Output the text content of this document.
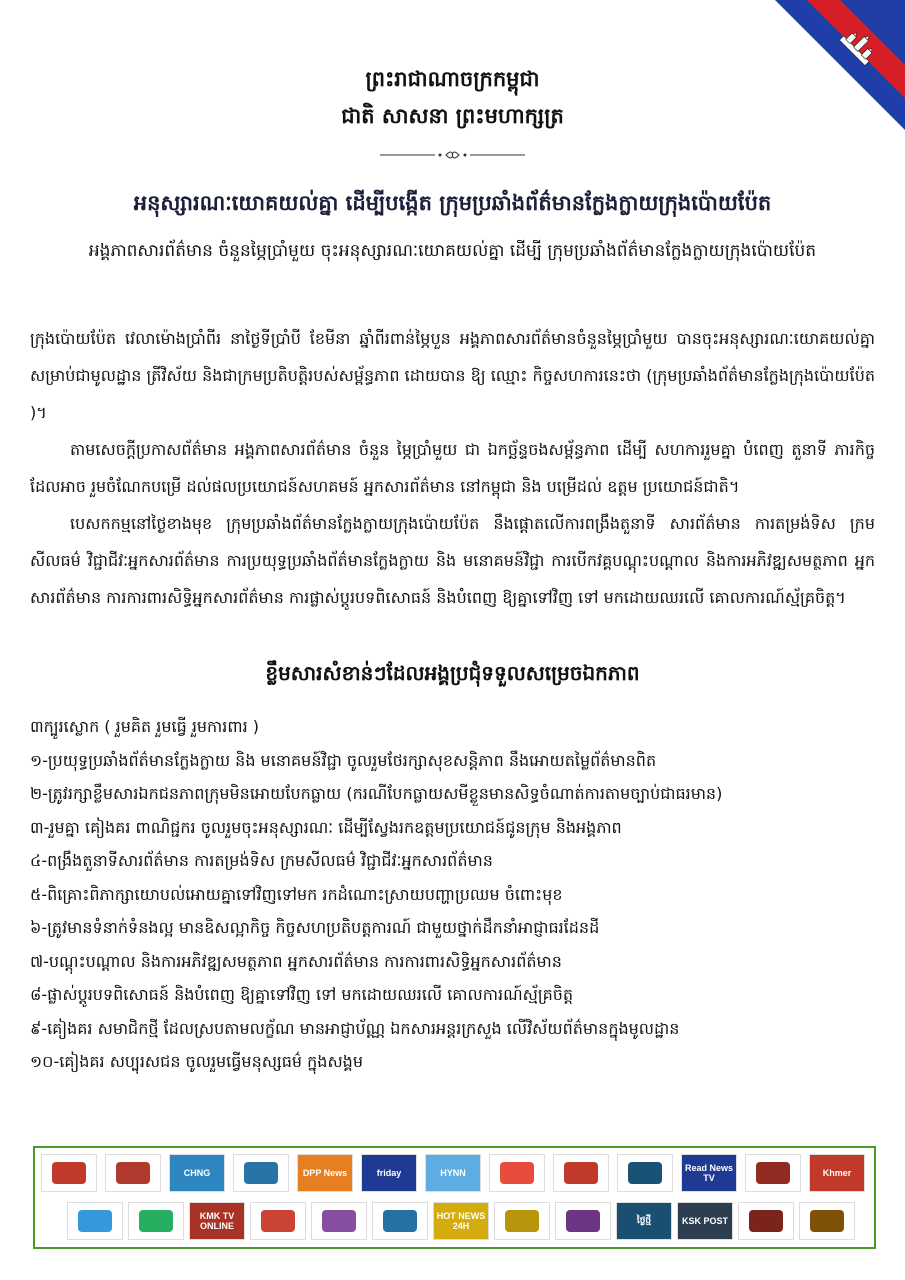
ព្រះរាជាណាចក្រកម្ពុជា
ជាតិ សាសនា ព្រះមហាក្សត្រ
អនុស្សារណៈយោគយល់គ្នា ដើម្បីបង្កើត ក្រុមប្រឆាំងព័ត៌មានក្លែងក្លាយក្រុងប៉ោយប៉ែត
អង្គភាពសារព័ត៌មាន ចំនួនម្ភៃប្រាំមួយ ចុះអនុស្សារណៈយោគយល់គ្នា ដើម្បី ក្រុមប្រឆាំងព័ត៌មានក្លែងក្លាយក្រុងប៉ោយប៉ែត

ក្រុងប៉ោយប៉ែត វេលាម៉ោងប្រាំពីរ នាថ្ងៃទីប្រាំបី ខែមីនា ឆ្នាំពីរពាន់ម្ភៃបួន អង្គភាពសារព័ត៌មានចំនួនម្ភៃប្រាំមួយ បានចុះអនុស្សារណៈយោគយល់គ្នា សម្រាប់ជាមូលដ្ឋាន ត្រីវិស័យ និងជាក្រមប្រតិបត្តិរបស់សម្ព័ន្ធភាព ដោយបាន ឱ្យ ឈ្មោះ កិច្ចសហការនេះថា (ក្រុមប្រឆាំងព័ត៌មានក្លែងក្រុងប៉ោយប៉ែត )។

តាមសេចក្តីប្រកាសព័ត៌មាន អង្គភាពសារព័ត៌មាន ចំនួន ម្ភៃប្រាំមួយ ជា ឯកច្ឆ័ន្ទចងសម្ព័ន្ធភាព ដើម្បី សហការរួមគ្នា បំពេញ តួនាទី ភារកិច្ច ដែលអាច រួមចំណែកបម្រើ ដល់ផលប្រយោជន៍សហគមន៍ អ្នកសារព័ត៌មាន នៅកម្ពុជា និង បម្រើដល់ ឧត្តម ប្រយោជន៍ជាតិ។

បេសកកម្មនៅថ្ងៃខាងមុខ ក្រុមប្រឆាំងព័ត៌មានក្លែងក្លាយក្រុងប៉ោយប៉ែត នឹងផ្តោតលើការពង្រឹងតួនាទី សារព័ត៌មាន ការតម្រង់ទិស ក្រមសីលធម៌ វិជ្ជាជីវៈអ្នកសារព័ត៌មាន ការប្រយុទ្ធប្រឆាំងព័ត៌មានក្លែងក្លាយ និង មនោគមន៍វិជ្ជា ការបើកវគ្គបណ្តុះបណ្តាល និងការអភិវឌ្ឍសមត្ថភាព អ្នកសារព័ត៌មាន ការការពារសិទ្ធិអ្នកសារព័ត៌មាន ការផ្លាស់ប្តូរបទពិសោធន៍ និងបំពេញ ឱ្យគ្នាទៅវិញ ទៅ មកដោយឈរលើ គោលការណ៍ស្ម័គ្រចិត្ត។

ខ្លឹមសារសំខាន់ៗដែលអង្គប្រជុំទទួលសម្រេចឯកភាព
៣ក្បូរស្លោក ( រួមគិត រួមធ្វើ រួមការពារ )
១-ប្រយុទ្ធប្រឆាំងព័ត៌មានក្លែងក្លាយ និង មនោគមន៍វិជ្ជា ចូលរួមថែរក្សាសុខសន្តិភាព នឹងអោយតម្លៃព័ត៌មានពិត
២-ត្រូវរក្សាខ្លឹមសារឯកជនភាពក្រុមមិនអោយបែកធ្លាយ (ករណីបែកធ្លាយសមីខ្លួនមានសិទ្ធចំណាត់ការតាមច្បាប់ជាធរមាន)
៣-រួមគ្នា គៀងគរ ពាណិជ្ជករ ចូលរួមចុះអនុស្សារណៈ ដើម្បីស្វែងរកឧត្តមប្រយោជន៍ជូនក្រុម និងអង្គភាព
៤-ពង្រឹងតួនាទីសារព័ត៌មាន ការតម្រង់ទិស ក្រមសីលធម៌ វិជ្ជាជីវៈអ្នកសារព័ត៌មាន
៥-ពិគ្រោះពិភាក្សាយោបល់អោយគ្នាទៅវិញទៅមក រកដំណោះស្រាយបញ្ហាប្រឈម ចំពោះមុខ
៦-ត្រូវមានទំនាក់ទំនងល្អ មានឧិសល្អាកិច្ច កិច្ចសហប្រតិបត្តការណ៍ ជាមួយថ្នាក់ដឹកនាំអាជ្ញាធរដែនដី
៧-បណ្តុះបណ្តាល និងការអភិវឌ្ឍសមត្ថភាព អ្នកសារព័ត៌មាន ការការពារសិទ្ធិអ្នកសារព័ត៌មាន
៨-ផ្លាស់ប្តូរបទពិសោធន៍ និងបំពេញ ឱ្យគ្នាទៅវិញ ទៅ មកដោយឈរលើ គោលការណ៍ស្ម័គ្រចិត្ត
៩-គៀងគរ សមាជិកថ្មី ដែលស្របតាមលក្ខ័ណ មានអាជ្ញាប័ណ្ណ ឯកសារអន្តរក្រសួង លើវិស័យព័ត៌មានក្នុងមូលដ្ឋាន
១០-គៀងគរ សប្បុរសជន ចូលរួមធ្វើមនុស្សធម៌ ក្នុងសង្គម
CHNG	DPP News	friday	HYNN	Read News TV	Khmer
KMK TV ONLINE
HOT NEWS 24H
ថ្ងៃថ្មី	KSK POST
